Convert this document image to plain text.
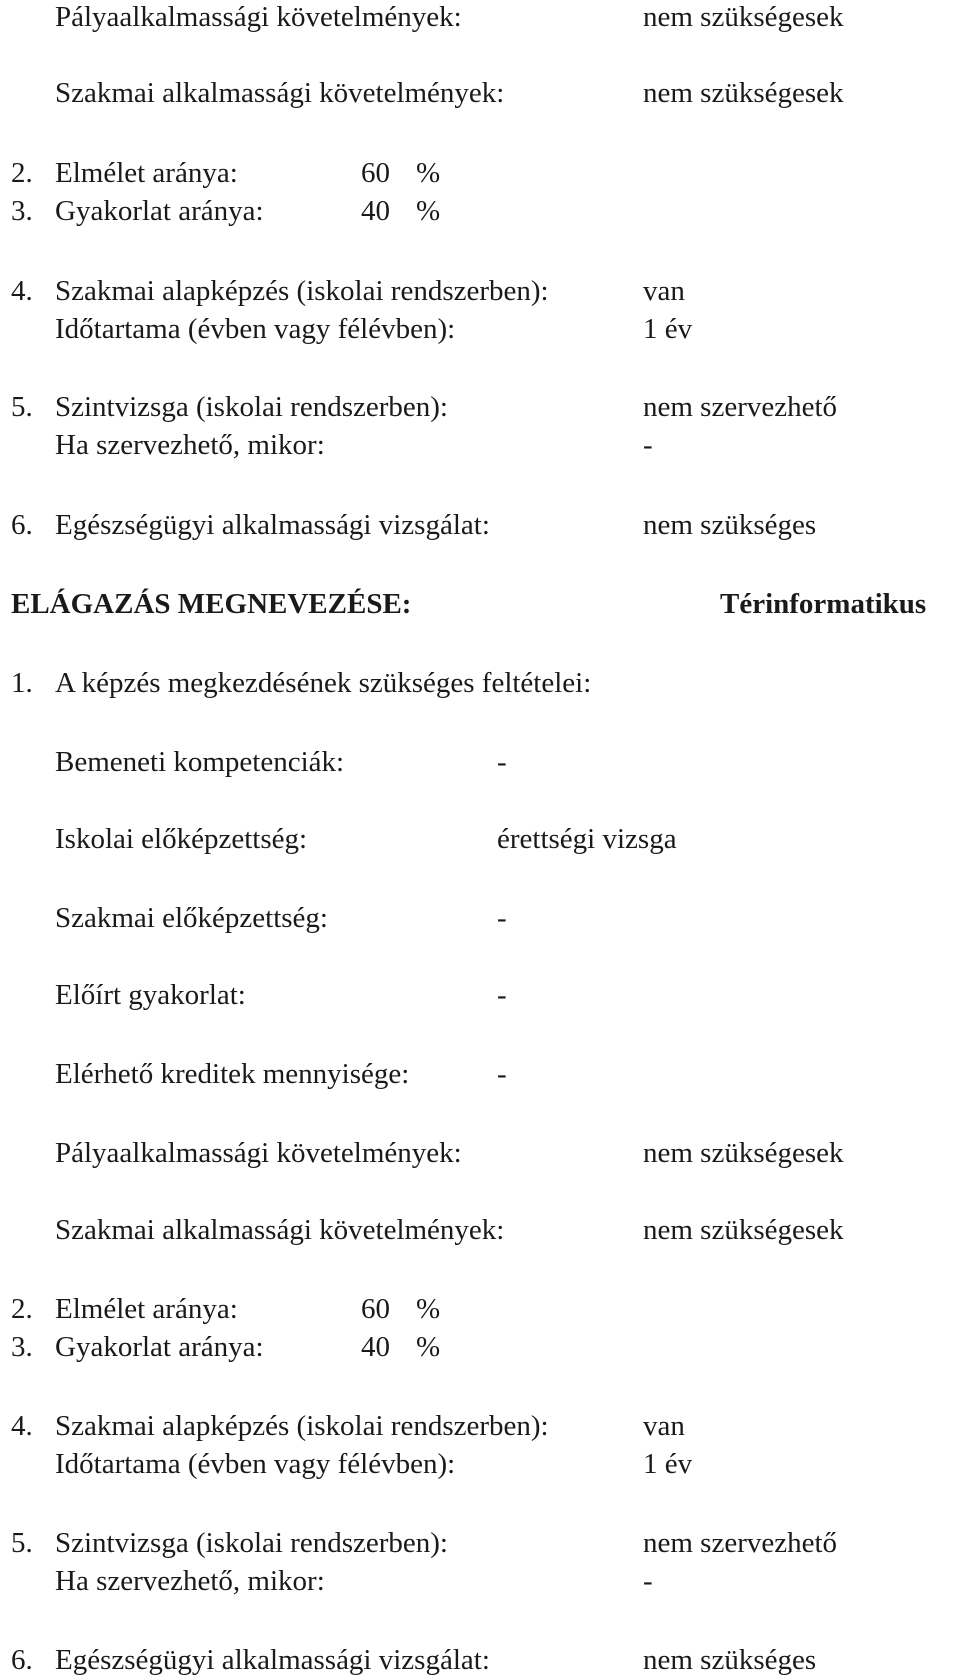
Pályaalkalmassági követelmények:	nem szükségesek
Szakmai alkalmassági követelmények:	nem szükségesek
2. Elmélet aránya:	60 %
3. Gyakorlat aránya:	40 %
4. Szakmai alapképzés (iskolai rendszerben):	van
Időtartama (évben vagy félévben):	1 év
5. Szintvizsga (iskolai rendszerben):	nem szervezhető
Ha szervezhető, mikor:	-
6. Egészségügyi alkalmassági vizsgálat:	nem szükséges
ELÁGAZÁS MEGNEVEZÉSE:	Térinformatikus
1. A képzés megkezdésének szükséges feltételei:
Bemeneti kompetenciák:	-
Iskolai előképzettség:	érettségi vizsga
Szakmai előképzettség:	-
Előírt gyakorlat:	-
Elérhető kreditek mennyisége:	-
Pályaalkalmassági követelmények:	nem szükségesek
Szakmai alkalmassági követelmények:	nem szükségesek
2. Elmélet aránya:	60 %
3. Gyakorlat aránya:	40 %
4. Szakmai alapképzés (iskolai rendszerben):	van
Időtartama (évben vagy félévben):	1 év
5. Szintvizsga (iskolai rendszerben):	nem szervezhető
Ha szervezhető, mikor:	-
6. Egészségügyi alkalmassági vizsgálat:	nem szükséges
